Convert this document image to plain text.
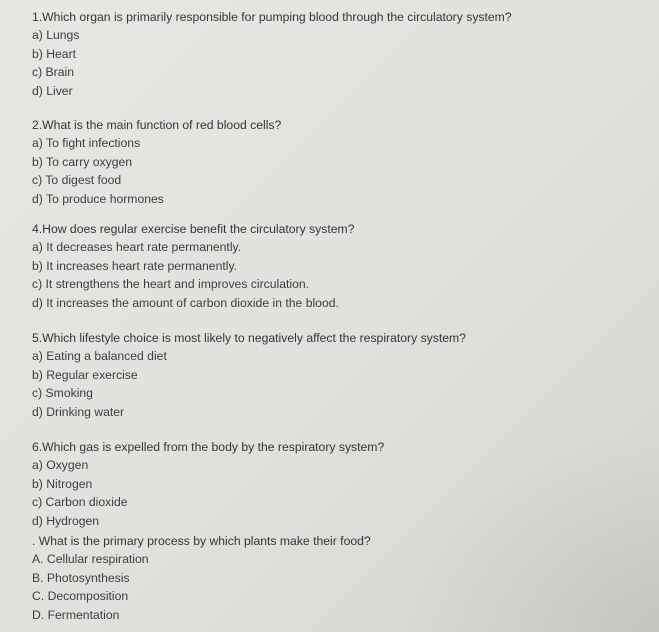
1.Which organ is primarily responsible for pumping blood through the circulatory system?
a) Lungs
b) Heart
c) Brain
d) Liver
2.What is the main function of red blood cells?
a) To fight infections
b) To carry oxygen
c) To digest food
d) To produce hormones
4.How does regular exercise benefit the circulatory system?
a) It decreases heart rate permanently.
b) It increases heart rate permanently.
c) It strengthens the heart and improves circulation.
d) It increases the amount of carbon dioxide in the blood.
5.Which lifestyle choice is most likely to negatively affect the respiratory system?
a) Eating a balanced diet
b) Regular exercise
c) Smoking
d) Drinking water
6.Which gas is expelled from the body by the respiratory system?
a) Oxygen
b) Nitrogen
c) Carbon dioxide
d) Hydrogen
. What is the primary process by which plants make their food?
A. Cellular respiration
B. Photosynthesis
C. Decomposition
D. Fermentation
